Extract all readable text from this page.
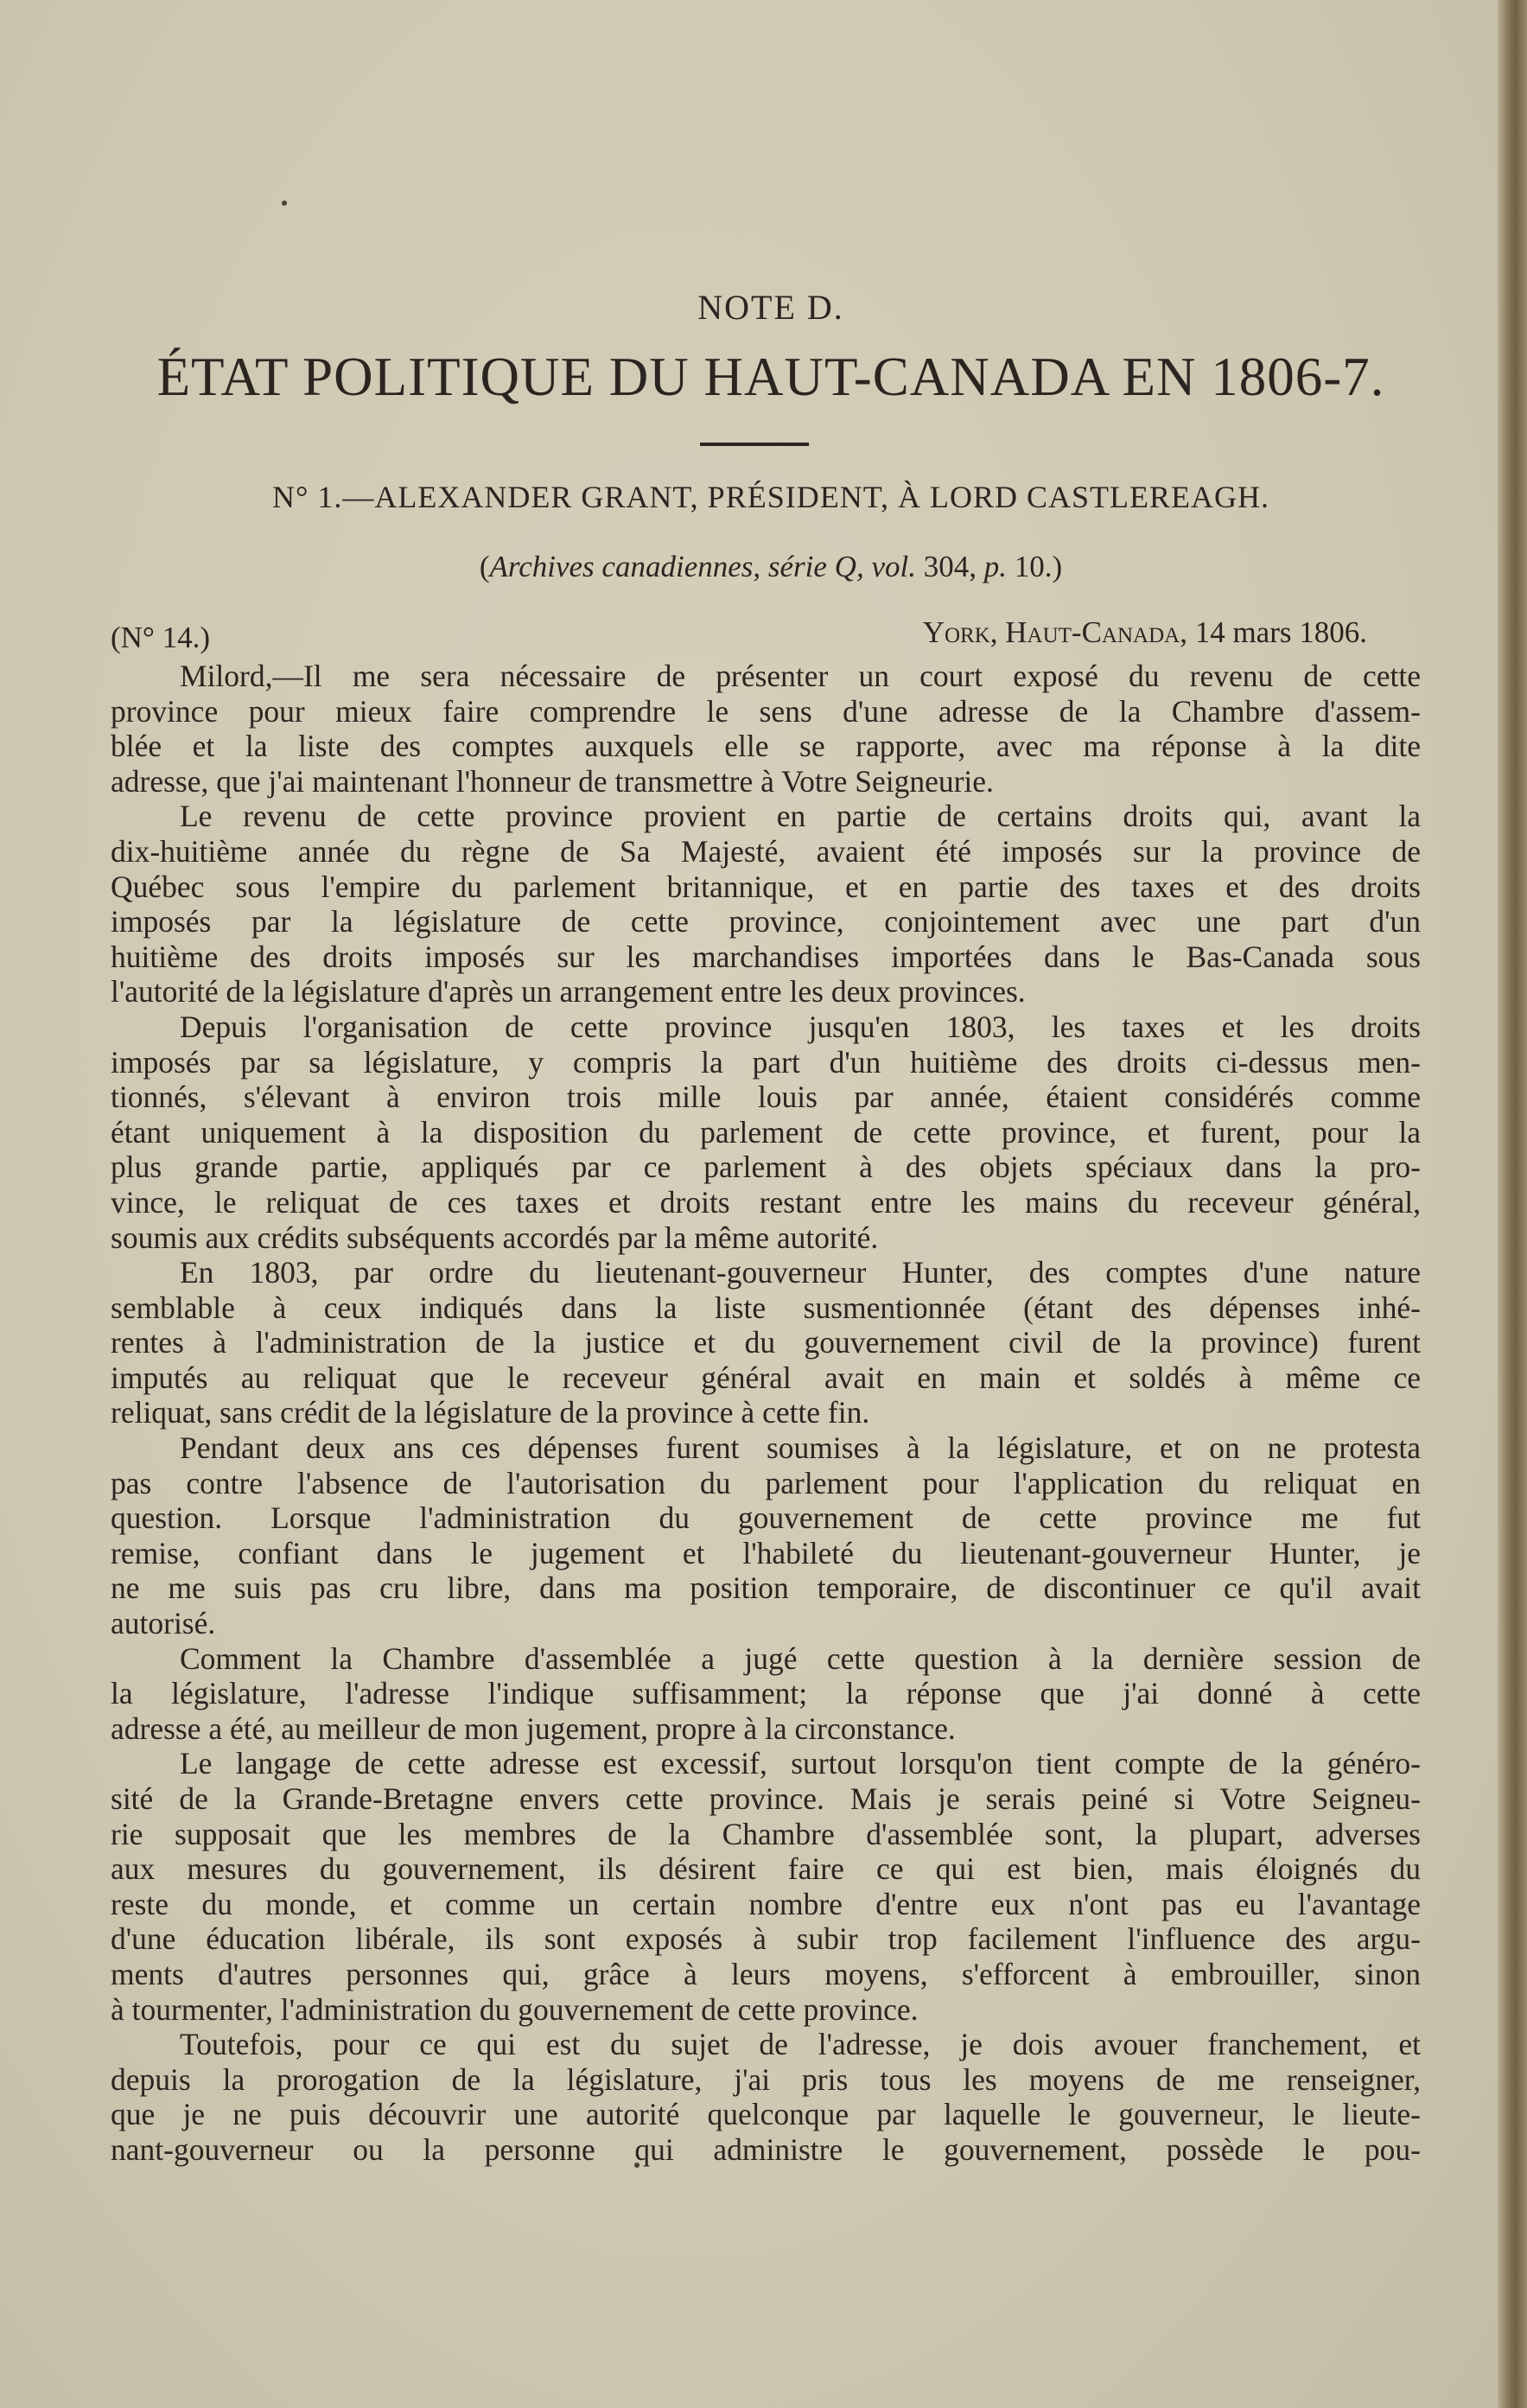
NOTE D.
ÉTAT POLITIQUE DU HAUT-CANADA EN 1806-7.
N° 1.—ALEXANDER GRANT, PRÉSIDENT, À LORD CASTLEREAGH.
(Archives canadiennes, série Q, vol. 304, p. 10.)
(N° 14.)	York, Haut-Canada, 14 mars 1806.
Milord,—Il me sera nécessaire de présenter un court exposé du revenu de cette
province pour mieux faire comprendre le sens d'une adresse de la Chambre d'assem-
blée et la liste des comptes auxquels elle se rapporte, avec ma réponse à la dite
adresse, que j'ai maintenant l'honneur de transmettre à Votre Seigneurie.
Le revenu de cette province provient en partie de certains droits qui, avant la
dix-huitième année du règne de Sa Majesté, avaient été imposés sur la province de
Québec sous l'empire du parlement britannique, et en partie des taxes et des droits
imposés par la législature de cette province, conjointement avec une part d'un
huitième des droits imposés sur les marchandises importées dans le Bas-Canada sous
l'autorité de la législature d'après un arrangement entre les deux provinces.
Depuis l'organisation de cette province jusqu'en 1803, les taxes et les droits
imposés par sa législature, y compris la part d'un huitième des droits ci-dessus men-
tionnés, s'élevant à environ trois mille louis par année, étaient considérés comme
étant uniquement à la disposition du parlement de cette province, et furent, pour la
plus grande partie, appliqués par ce parlement à des objets spéciaux dans la pro-
vince, le reliquat de ces taxes et droits restant entre les mains du receveur général,
soumis aux crédits subséquents accordés par la même autorité.
En 1803, par ordre du lieutenant-gouverneur Hunter, des comptes d'une nature
semblable à ceux indiqués dans la liste susmentionnée (étant des dépenses inhé-
rentes à l'administration de la justice et du gouvernement civil de la province) furent
imputés au reliquat que le receveur général avait en main et soldés à même ce
reliquat, sans crédit de la législature de la province à cette fin.
Pendant deux ans ces dépenses furent soumises à la législature, et on ne protesta
pas contre l'absence de l'autorisation du parlement pour l'application du reliquat en
question. Lorsque l'administration du gouvernement de cette province me fut
remise, confiant dans le jugement et l'habileté du lieutenant-gouverneur Hunter, je
ne me suis pas cru libre, dans ma position temporaire, de discontinuer ce qu'il avait
autorisé.
Comment la Chambre d'assemblée a jugé cette question à la dernière session de
la législature, l'adresse l'indique suffisamment; la réponse que j'ai donné à cette
adresse a été, au meilleur de mon jugement, propre à la circonstance.
Le langage de cette adresse est excessif, surtout lorsqu'on tient compte de la généro-
sité de la Grande-Bretagne envers cette province. Mais je serais peiné si Votre Seigneu-
rie supposait que les membres de la Chambre d'assemblée sont, la plupart, adverses
aux mesures du gouvernement, ils désirent faire ce qui est bien, mais éloignés du
reste du monde, et comme un certain nombre d'entre eux n'ont pas eu l'avantage
d'une éducation libérale, ils sont exposés à subir trop facilement l'influence des argu-
ments d'autres personnes qui, grâce à leurs moyens, s'efforcent à embrouiller, sinon
à tourmenter, l'administration du gouvernement de cette province.
Toutefois, pour ce qui est du sujet de l'adresse, je dois avouer franchement, et
depuis la prorogation de la législature, j'ai pris tous les moyens de me renseigner,
que je ne puis découvrir une autorité quelconque par laquelle le gouverneur, le lieute-
nant-gouverneur ou la personne qui administre le gouvernement, possède le pou-
